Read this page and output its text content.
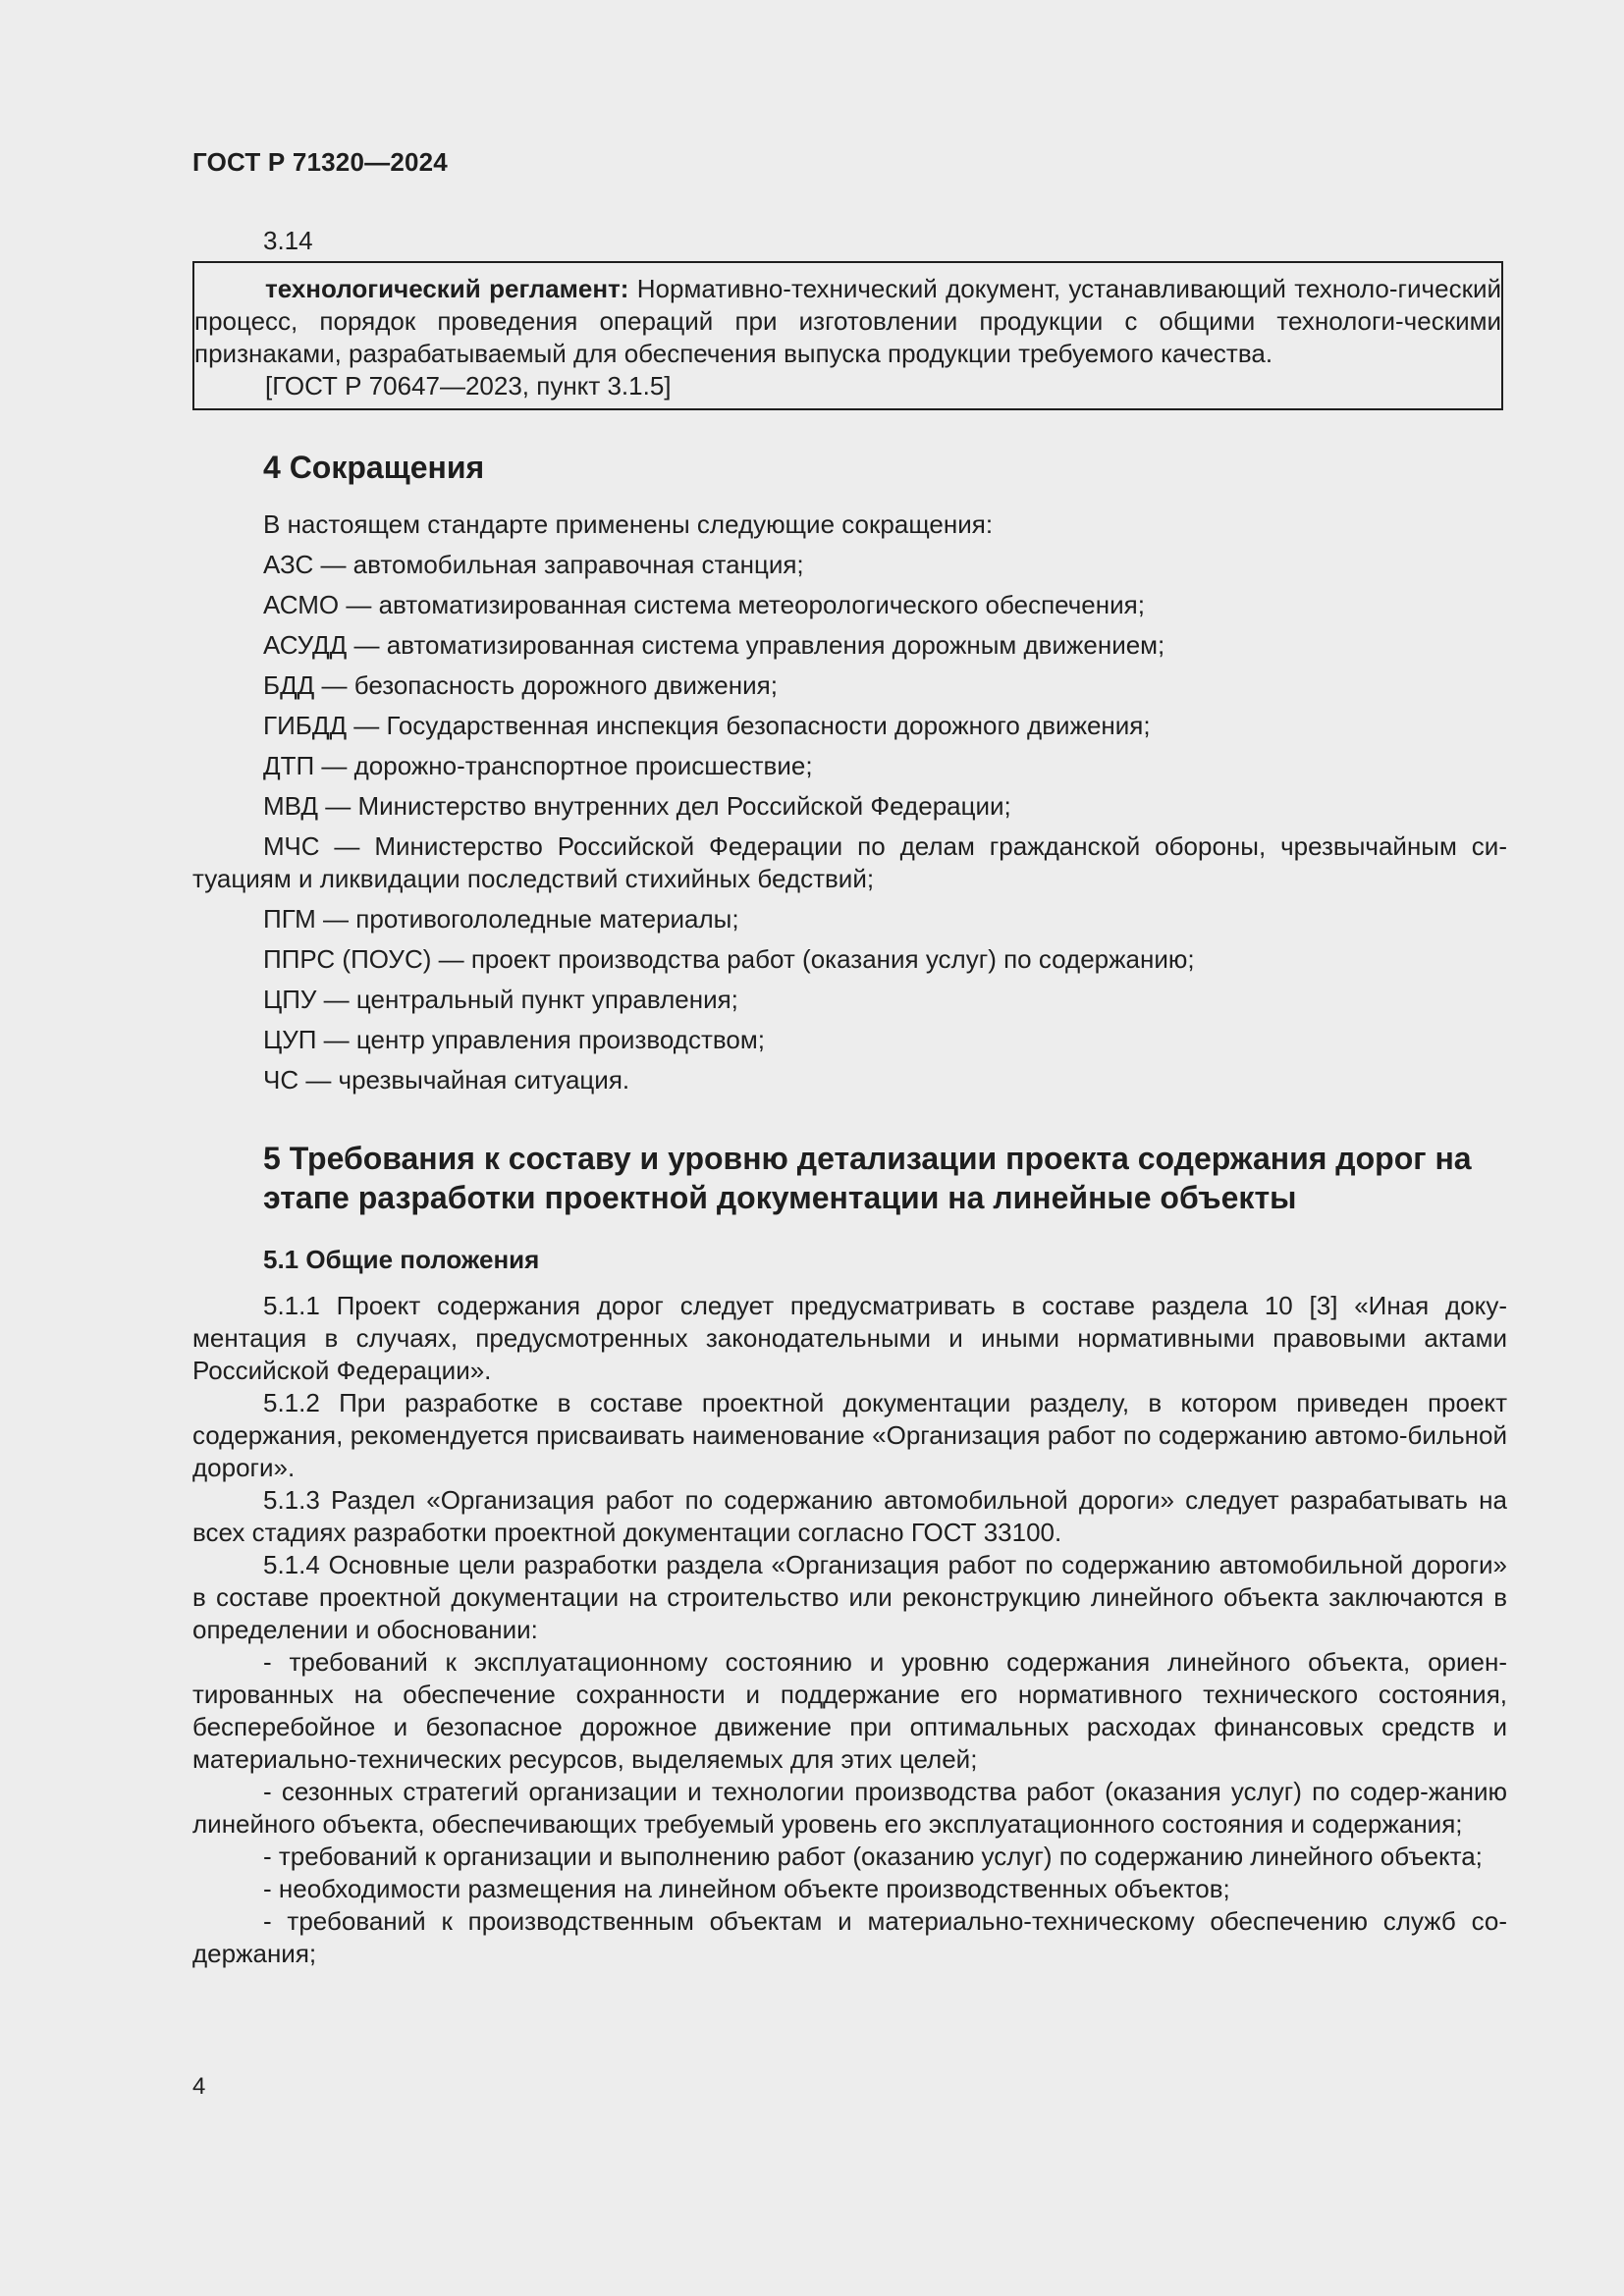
ГОСТ Р 71320—2024
3.14

технологический регламент: Нормативно-технический документ, устанавливающий техноло-гический процесс, порядок проведения операций при изготовлении продукции с общими технологи-ческими признаками, разрабатываемый для обеспечения выпуска продукции требуемого качества.

[ГОСТ Р 70647—2023, пункт 3.1.5]

4 Сокращения

В настоящем стандарте применены следующие сокращения:

АЗС — автомобильная заправочная станция;

АСМО — автоматизированная система метеорологического обеспечения;

АСУДД — автоматизированная система управления дорожным движением;

БДД — безопасность дорожного движения;

ГИБДД — Государственная инспекция безопасности дорожного движения;

ДТП — дорожно-транспортное происшествие;

МВД — Министерство внутренних дел Российской Федерации;

МЧС — Министерство Российской Федерации по делам гражданской обороны, чрезвычайным си-туациям и ликвидации последствий стихийных бедствий;

ПГМ — противогололедные материалы;

ППРС (ПОУС) — проект производства работ (оказания услуг) по содержанию;

ЦПУ — центральный пункт управления;

ЦУП — центр управления производством;

ЧС — чрезвычайная ситуация.

5 Требования к составу и уровню детализации проекта содержания дорог на этапе разработки проектной документации на линейные объекты
5.1 Общие положения

5.1.1 Проект содержания дорог следует предусматривать в составе раздела 10 [3] «Иная доку-ментация в случаях, предусмотренных законодательными и иными нормативными правовыми актами Российской Федерации».

5.1.2 При разработке в составе проектной документации разделу, в котором приведен проект содержания, рекомендуется присваивать наименование «Организация работ по содержанию автомо-бильной дороги».

5.1.3 Раздел «Организация работ по содержанию автомобильной дороги» следует разрабатывать на всех стадиях разработки проектной документации согласно ГОСТ 33100.

5.1.4 Основные цели разработки раздела «Организация работ по содержанию автомобильной дороги» в составе проектной документации на строительство или реконструкцию линейного объекта заключаются в определении и обосновании:

- требований к эксплуатационному состоянию и уровню содержания линейного объекта, ориен-тированных на обеспечение сохранности и поддержание его нормативного технического состояния, бесперебойное и безопасное дорожное движение при оптимальных расходах финансовых средств и материально-технических ресурсов, выделяемых для этих целей;

- сезонных стратегий организации и технологии производства работ (оказания услуг) по содер-жанию линейного объекта, обеспечивающих требуемый уровень его эксплуатационного состояния и содержания;

- требований к организации и выполнению работ (оказанию услуг) по содержанию линейного объекта;

- необходимости размещения на линейном объекте производственных объектов;

- требований к производственным объектам и материально-техническому обеспечению служб со-держания;

4
